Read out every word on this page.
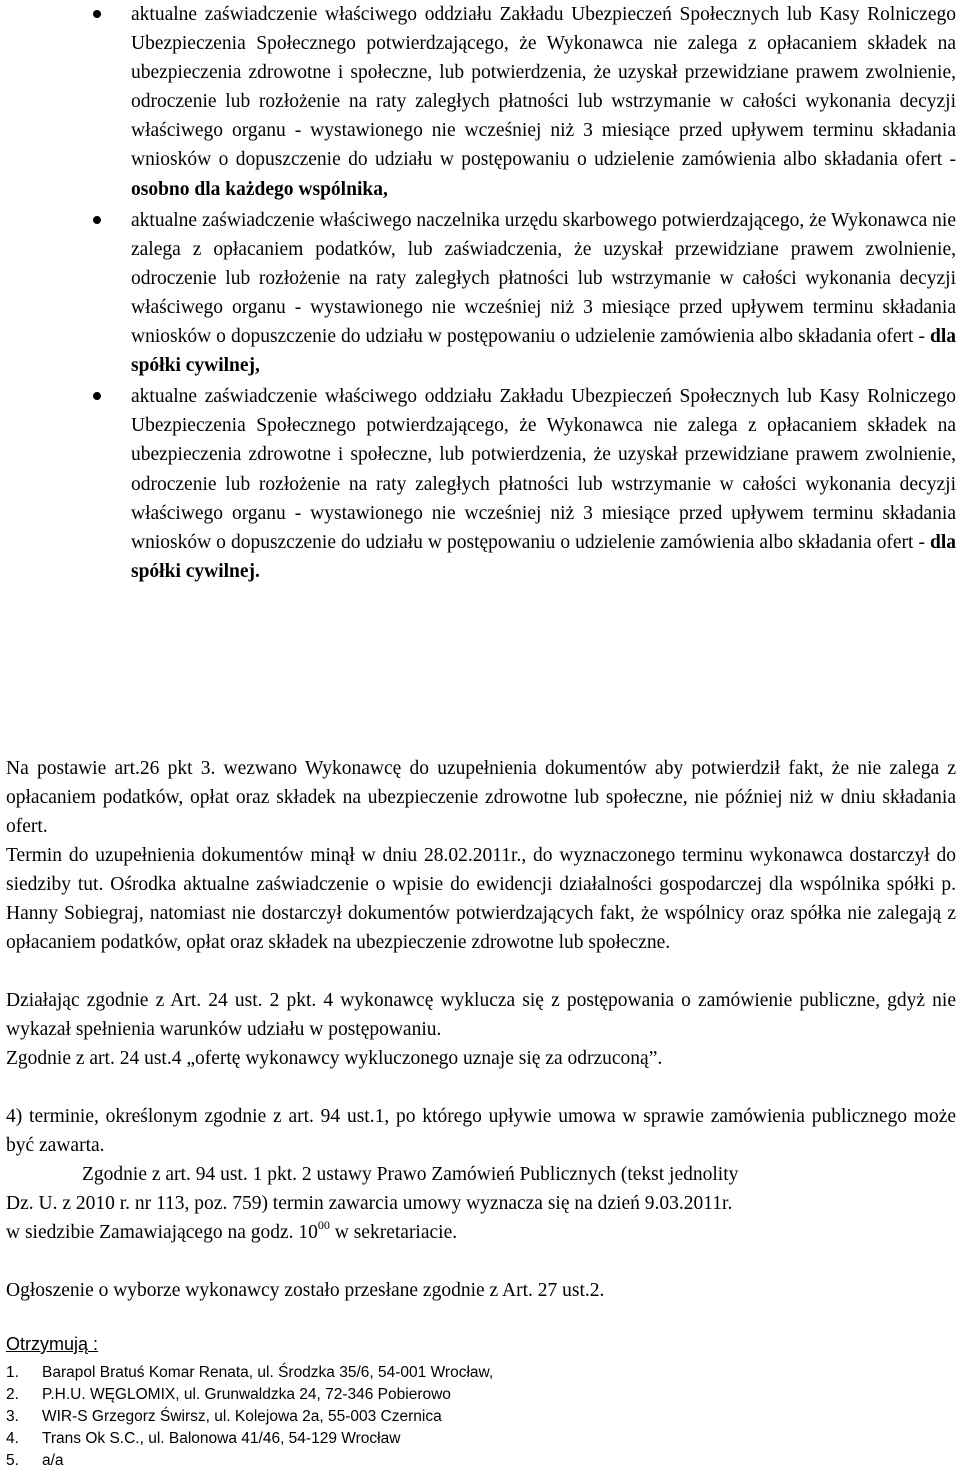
aktualne zaświadczenie właściwego oddziału Zakładu Ubezpieczeń Społecznych lub Kasy Rolniczego Ubezpieczenia Społecznego potwierdzającego, że Wykonawca nie zalega z opłacaniem składek na ubezpieczenia zdrowotne i społeczne, lub potwierdzenia, że uzyskał przewidziane prawem zwolnienie, odroczenie lub rozłożenie na raty zaległych płatności lub wstrzymanie w całości wykonania decyzji właściwego organu - wystawionego nie wcześniej niż 3 miesiące przed upływem terminu składania wniosków o dopuszczenie do udziału w postępowaniu o udzielenie zamówienia albo składania ofert - osobno dla każdego wspólnika,
aktualne zaświadczenie właściwego naczelnika urzędu skarbowego potwierdzającego, że Wykonawca nie zalega z opłacaniem podatków, lub zaświadczenia, że uzyskał przewidziane prawem zwolnienie, odroczenie lub rozłożenie na raty zaległych płatności lub wstrzymanie w całości wykonania decyzji właściwego organu - wystawionego nie wcześniej niż 3 miesiące przed upływem terminu składania wniosków o dopuszczenie do udziału w postępowaniu o udzielenie zamówienia albo składania ofert - dla spółki cywilnej,
aktualne zaświadczenie właściwego oddziału Zakładu Ubezpieczeń Społecznych lub Kasy Rolniczego Ubezpieczenia Społecznego potwierdzającego, że Wykonawca nie zalega z opłacaniem składek na ubezpieczenia zdrowotne i społeczne, lub potwierdzenia, że uzyskał przewidziane prawem zwolnienie, odroczenie lub rozłożenie na raty zaległych płatności lub wstrzymanie w całości wykonania decyzji właściwego organu - wystawionego nie wcześniej niż 3 miesiące przed upływem terminu składania wniosków o dopuszczenie do udziału w postępowaniu o udzielenie zamówienia albo składania ofert - dla spółki cywilnej.

Na postawie art.26 pkt 3. wezwano Wykonawcę do uzupełnienia dokumentów aby potwierdził fakt, że nie zalega z opłacaniem podatków, opłat oraz składek na ubezpieczenie zdrowotne lub społeczne, nie później niż w dniu składania ofert.

Termin do uzupełnienia dokumentów minął w dniu 28.02.2011r., do wyznaczonego terminu wykonawca dostarczył do siedziby tut. Ośrodka aktualne zaświadczenie o wpisie do ewidencji działalności gospodarczej dla wspólnika spółki p. Hanny Sobiegraj, natomiast nie dostarczył dokumentów potwierdzających fakt, że wspólnicy oraz spółka nie zalegają z opłacaniem podatków, opłat oraz składek na ubezpieczenie zdrowotne lub społeczne.

Działając zgodnie z Art. 24 ust. 2 pkt. 4 wykonawcę wyklucza się z postępowania o zamówienie publiczne, gdyż nie wykazał spełnienia warunków udziału w postępowaniu.

Zgodnie z art. 24 ust.4 „ofertę wykonawcy wykluczonego uznaje się za odrzuconą”.

4) terminie, określonym zgodnie z art. 94 ust.1, po którego upływie umowa w sprawie zamówienia publicznego może być zawarta.

Zgodnie z art. 94 ust. 1 pkt. 2 ustawy Prawo Zamówień Publicznych (tekst jednolity

Dz. U. z 2010 r. nr 113, poz. 759) termin zawarcia umowy wyznacza się na dzień 9.03.2011r.

w siedzibie Zamawiającego na godz. $10^{00}$ w sekretariacie.

Ogłoszenie o wyborze wykonawcy zostało przesłane zgodnie z Art. 27 ust.2.

Otrzymują :

1. Barapol Bratuś Komar Renata, ul. Środzka 35/6, 54-001 Wrocław,
2. P.H.U. WĘGLOMIX, ul. Grunwaldzka 24, 72-346 Pobierowo
3. WIR-S Grzegorz Świrsz, ul. Kolejowa 2a, 55-003 Czernica
4. Trans Ok S.C., ul. Balonowa 41/46, 54-129 Wrocław
5. a/a
